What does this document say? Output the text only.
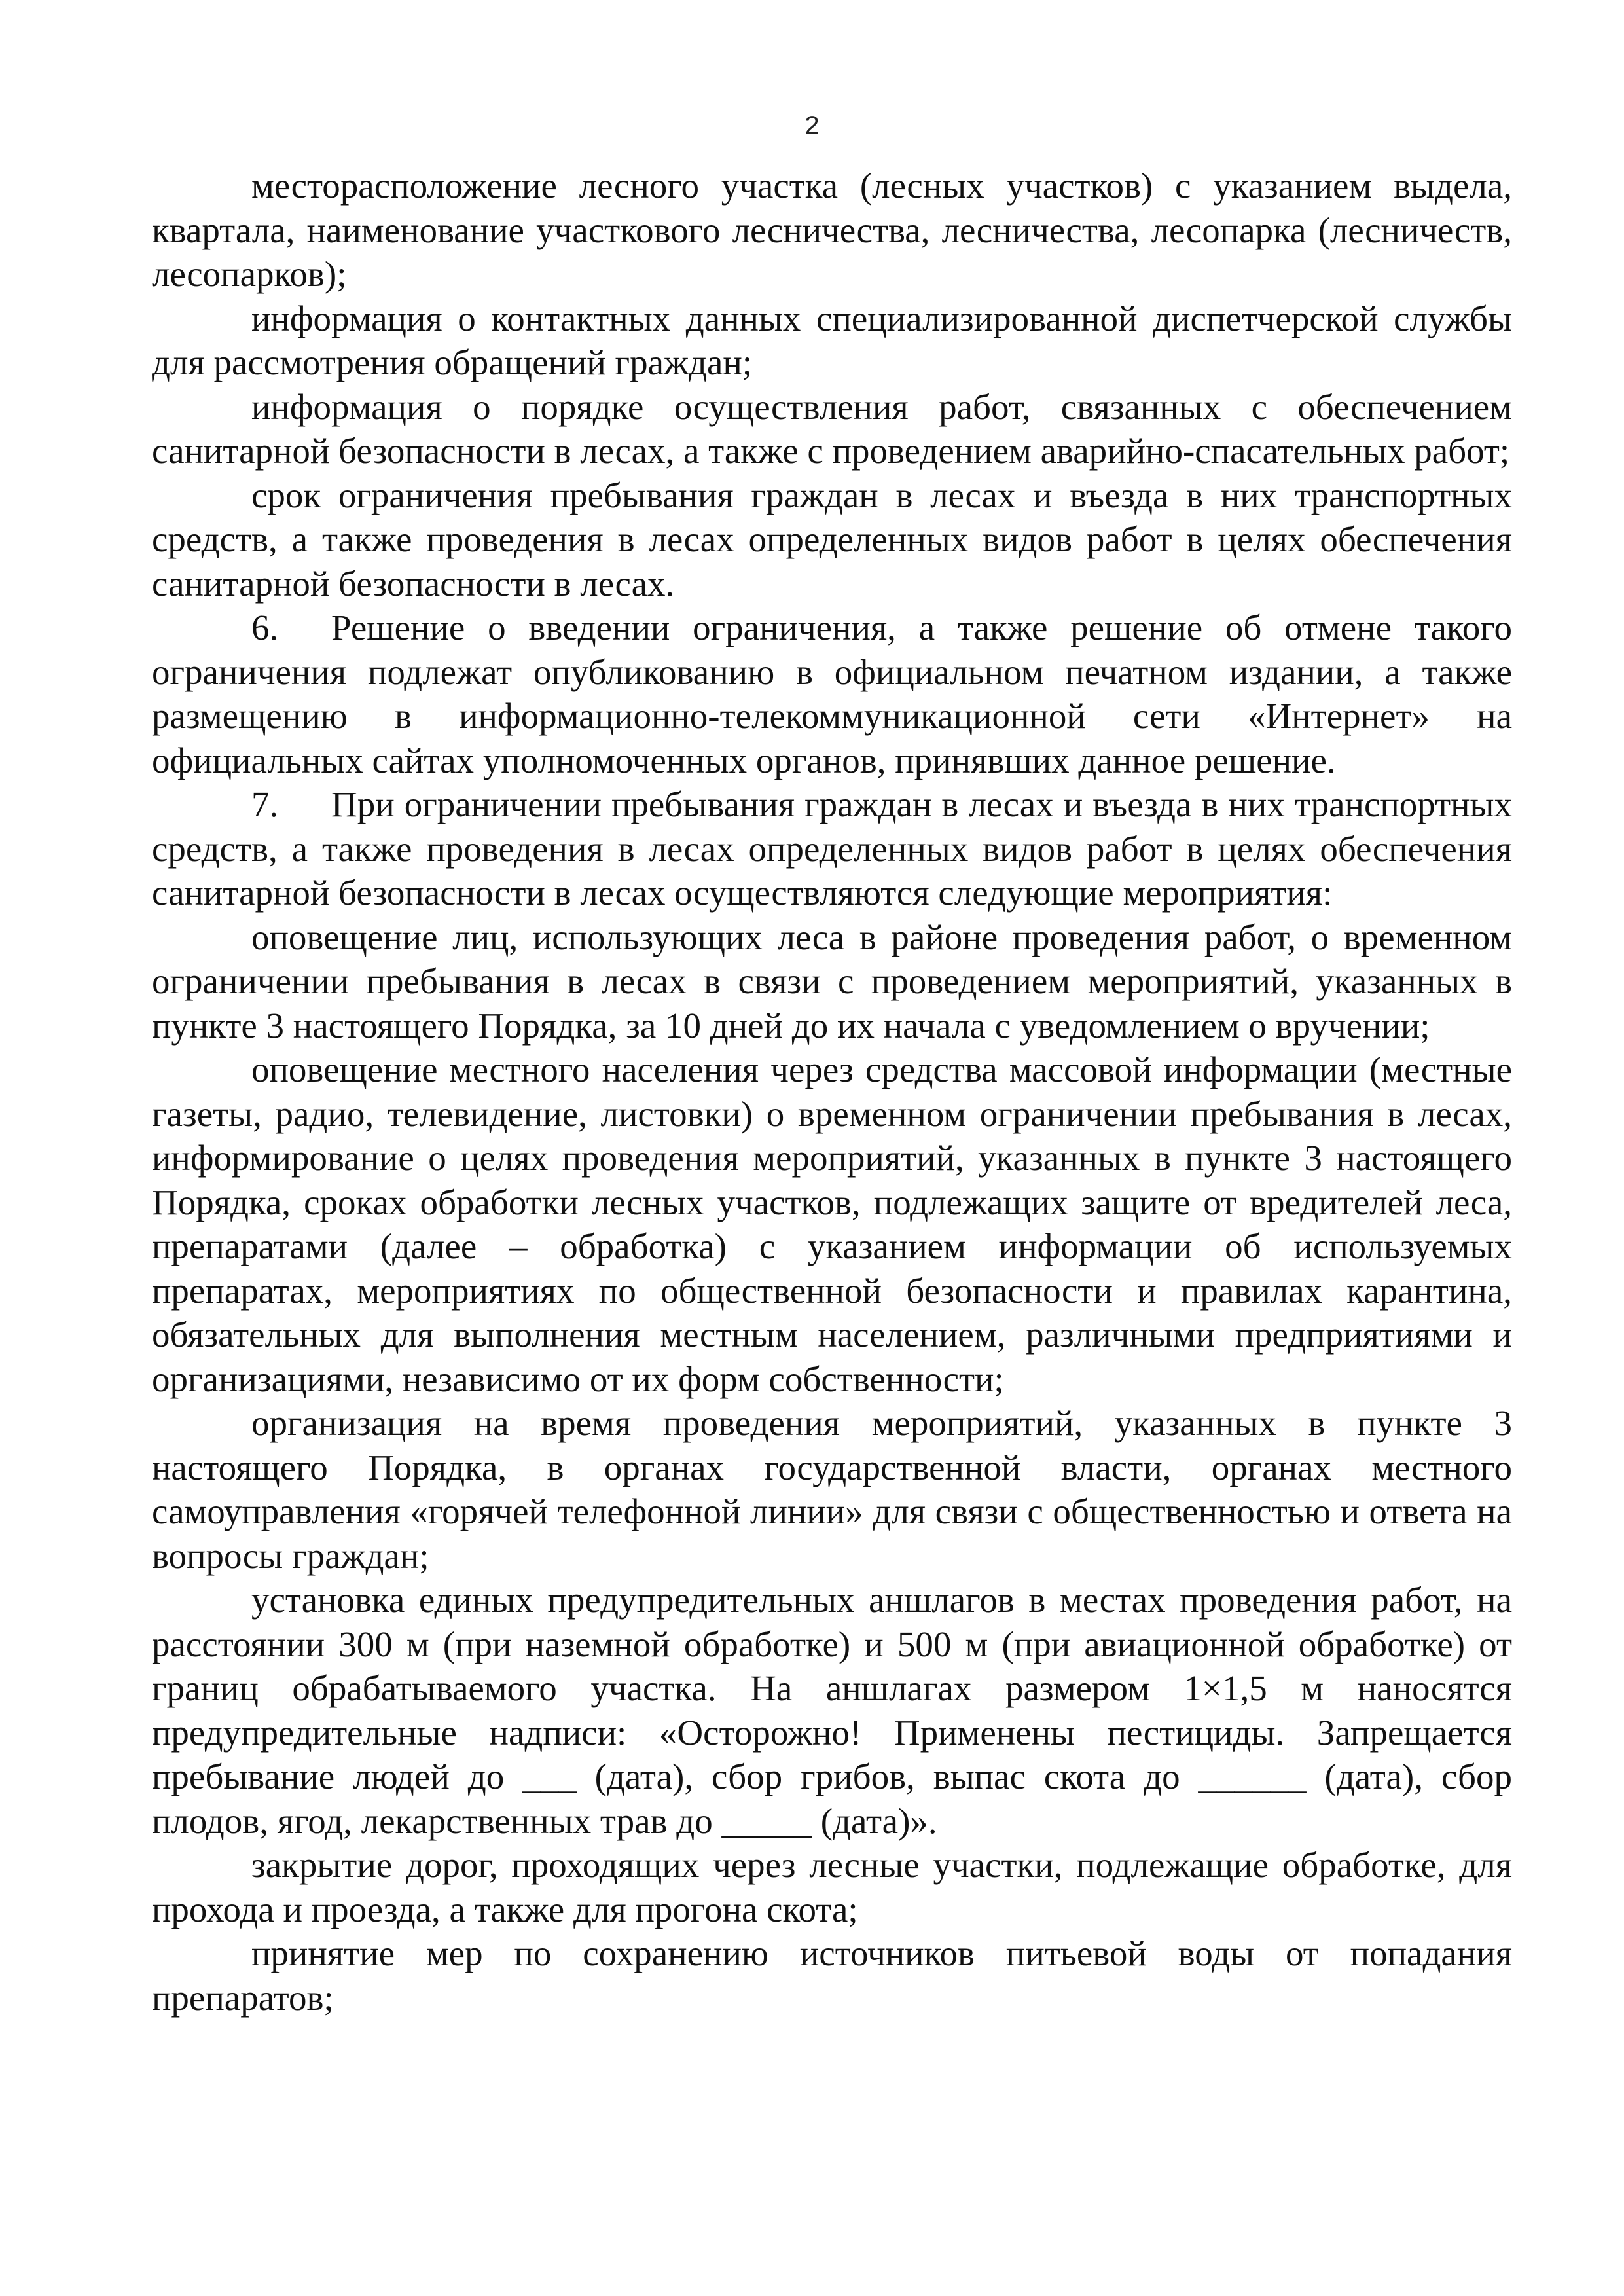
2

месторасположение лесного участка (лесных участков) с указанием выдела, квартала, наименование участкового лесничества, лесничества, лесопарка (лесничеств, лесопарков);

информация о контактных данных специализированной диспетчерской службы для рассмотрения обращений граждан;

информация о порядке осуществления работ, связанных с обеспечением санитарной безопасности в лесах, а также с проведением аварийно-спасательных работ;

срок ограничения пребывания граждан в лесах и въезда в них транспортных средств, а также проведения в лесах определенных видов работ в целях обеспечения санитарной безопасности в лесах.

6. Решение о введении ограничения, а также решение об отмене такого ограничения подлежат опубликованию в официальном печатном издании, а также размещению в информационно-телекоммуникационной сети «Интернет» на официальных сайтах уполномоченных органов, принявших данное решение.

7. При ограничении пребывания граждан в лесах и въезда в них транспортных средств, а также проведения в лесах определенных видов работ в целях обеспечения санитарной безопасности в лесах осуществляются следующие мероприятия:

оповещение лиц, использующих леса в районе проведения работ, о временном ограничении пребывания в лесах в связи с проведением мероприятий, указанных в пункте 3 настоящего Порядка, за 10 дней до их начала с уведомлением о вручении;

оповещение местного населения через средства массовой информации (местные газеты, радио, телевидение, листовки) о временном ограничении пребывания в лесах, информирование о целях проведения мероприятий, указанных в пункте 3 настоящего Порядка, сроках обработки лесных участков, подлежащих защите от вредителей леса, препаратами (далее – обработка) с указанием информации об используемых препаратах, мероприятиях по общественной безопасности и правилах карантина, обязательных для выполнения местным населением, различными предприятиями и организациями, независимо от их форм собственности;

организация на время проведения мероприятий, указанных в пункте 3 настоящего Порядка, в органах государственной власти, органах местного самоуправления «горячей телефонной линии» для связи с общественностью и ответа на вопросы граждан;

установка единых предупредительных аншлагов в местах проведения работ, на расстоянии 300 м (при наземной обработке) и 500 м (при авиационной обработке) от границ обрабатываемого участка. На аншлагах размером 1×1,5 м наносятся предупредительные надписи: «Осторожно! Применены пестициды. Запрещается пребывание людей до ___ (дата), сбор грибов, выпас скота до ______ (дата), сбор плодов, ягод, лекарственных трав до _____ (дата)».

закрытие дорог, проходящих через лесные участки, подлежащие обработке, для прохода и проезда, а также для прогона скота;

принятие мер по сохранению источников питьевой воды от попадания препаратов;
